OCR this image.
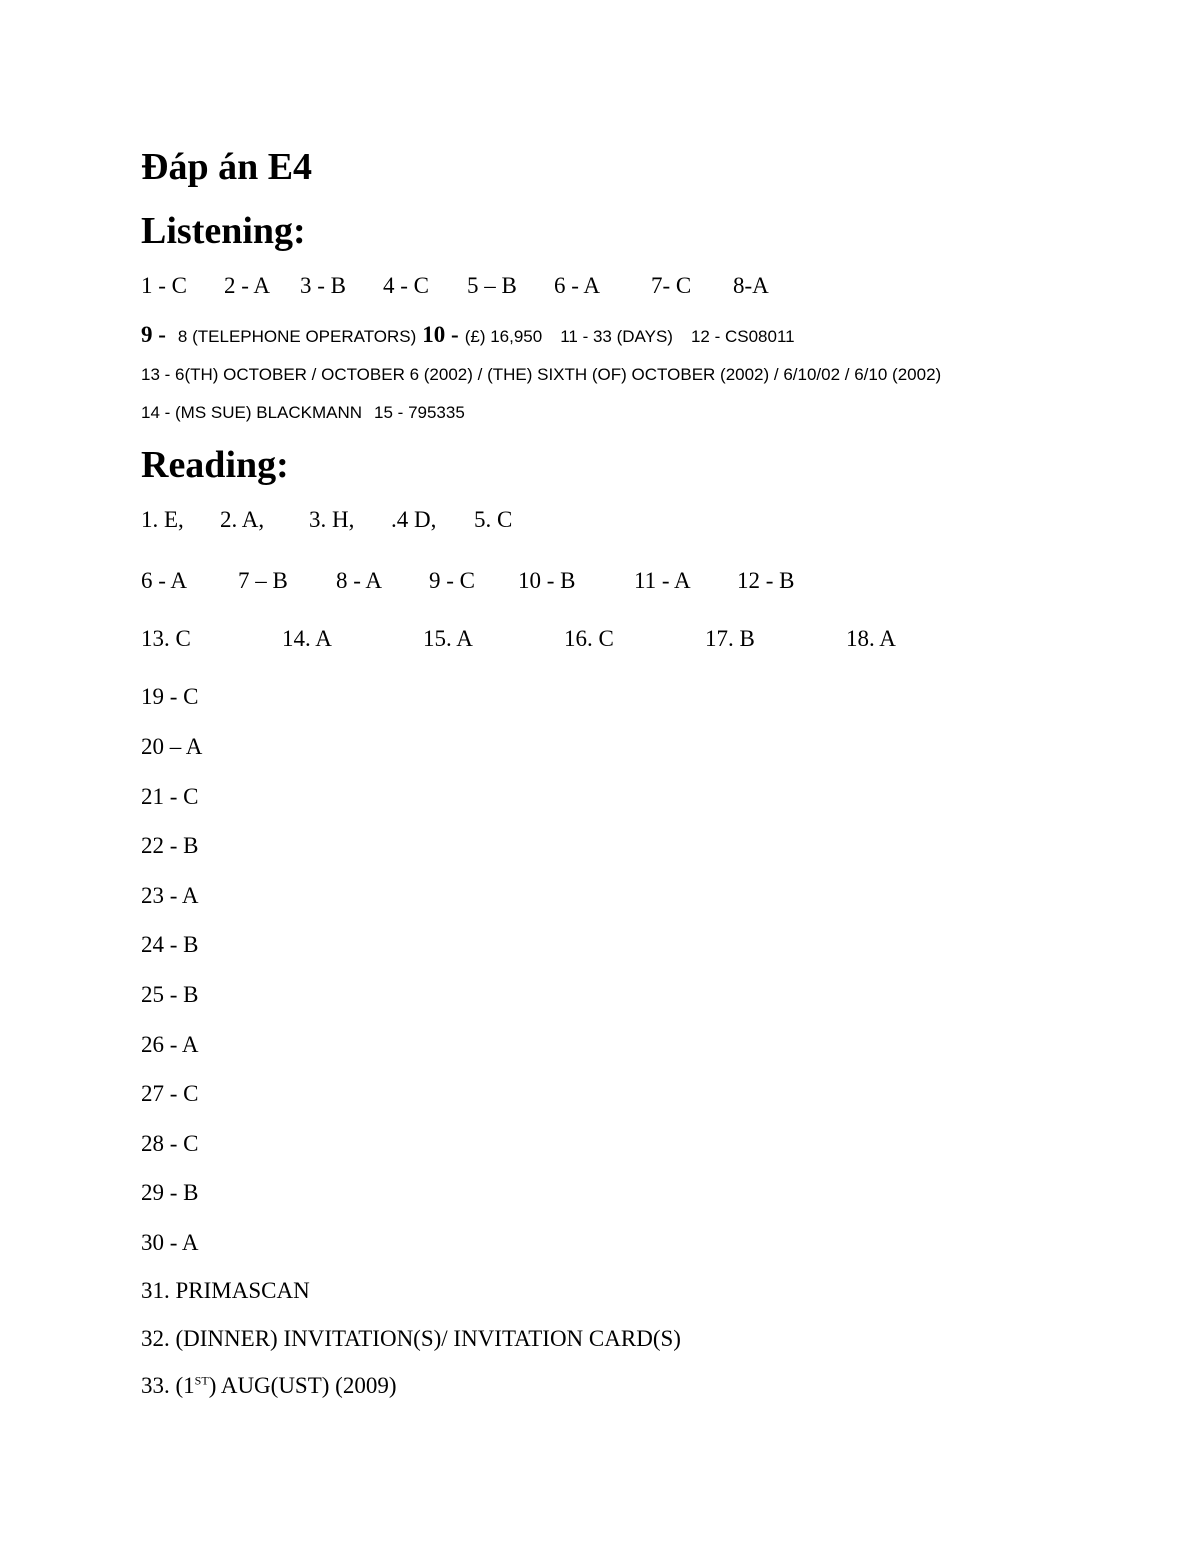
Đáp án E4
Listening:
1 - C	2 - A	3 - B	4 - C	5 – B	6 - A	7- C	8-A
9 - 8 (TELEPHONE OPERATORS) 10 - (£) 16,950 11 - 33 (DAYS) 12 - CS08011
13 - 6(TH) OCTOBER / OCTOBER 6 (2002) / (THE) SIXTH (OF) OCTOBER (2002) / 6/10/02 / 6/10 (2002)
14 - (MS SUE) BLACKMANN 15 - 795335
Reading:
1. E,	2. A,	3. H,	.4 D,	5. C
6 - A	7 – B	8 - A	9 - C	10 - B	11 - A	12 - B
13. C	14. A	15. A	16. C	17. B	18. A
19 - C
20 – A
21 - C
22 - B
23 - A
24 - B
25 - B
26 - A
27 - C
28 - C
29 - B
30 - A
31. PRIMASCAN
32. (DINNER) INVITATION(S)/ INVITATION CARD(S)
33. (1ST) AUG(UST) (2009)
